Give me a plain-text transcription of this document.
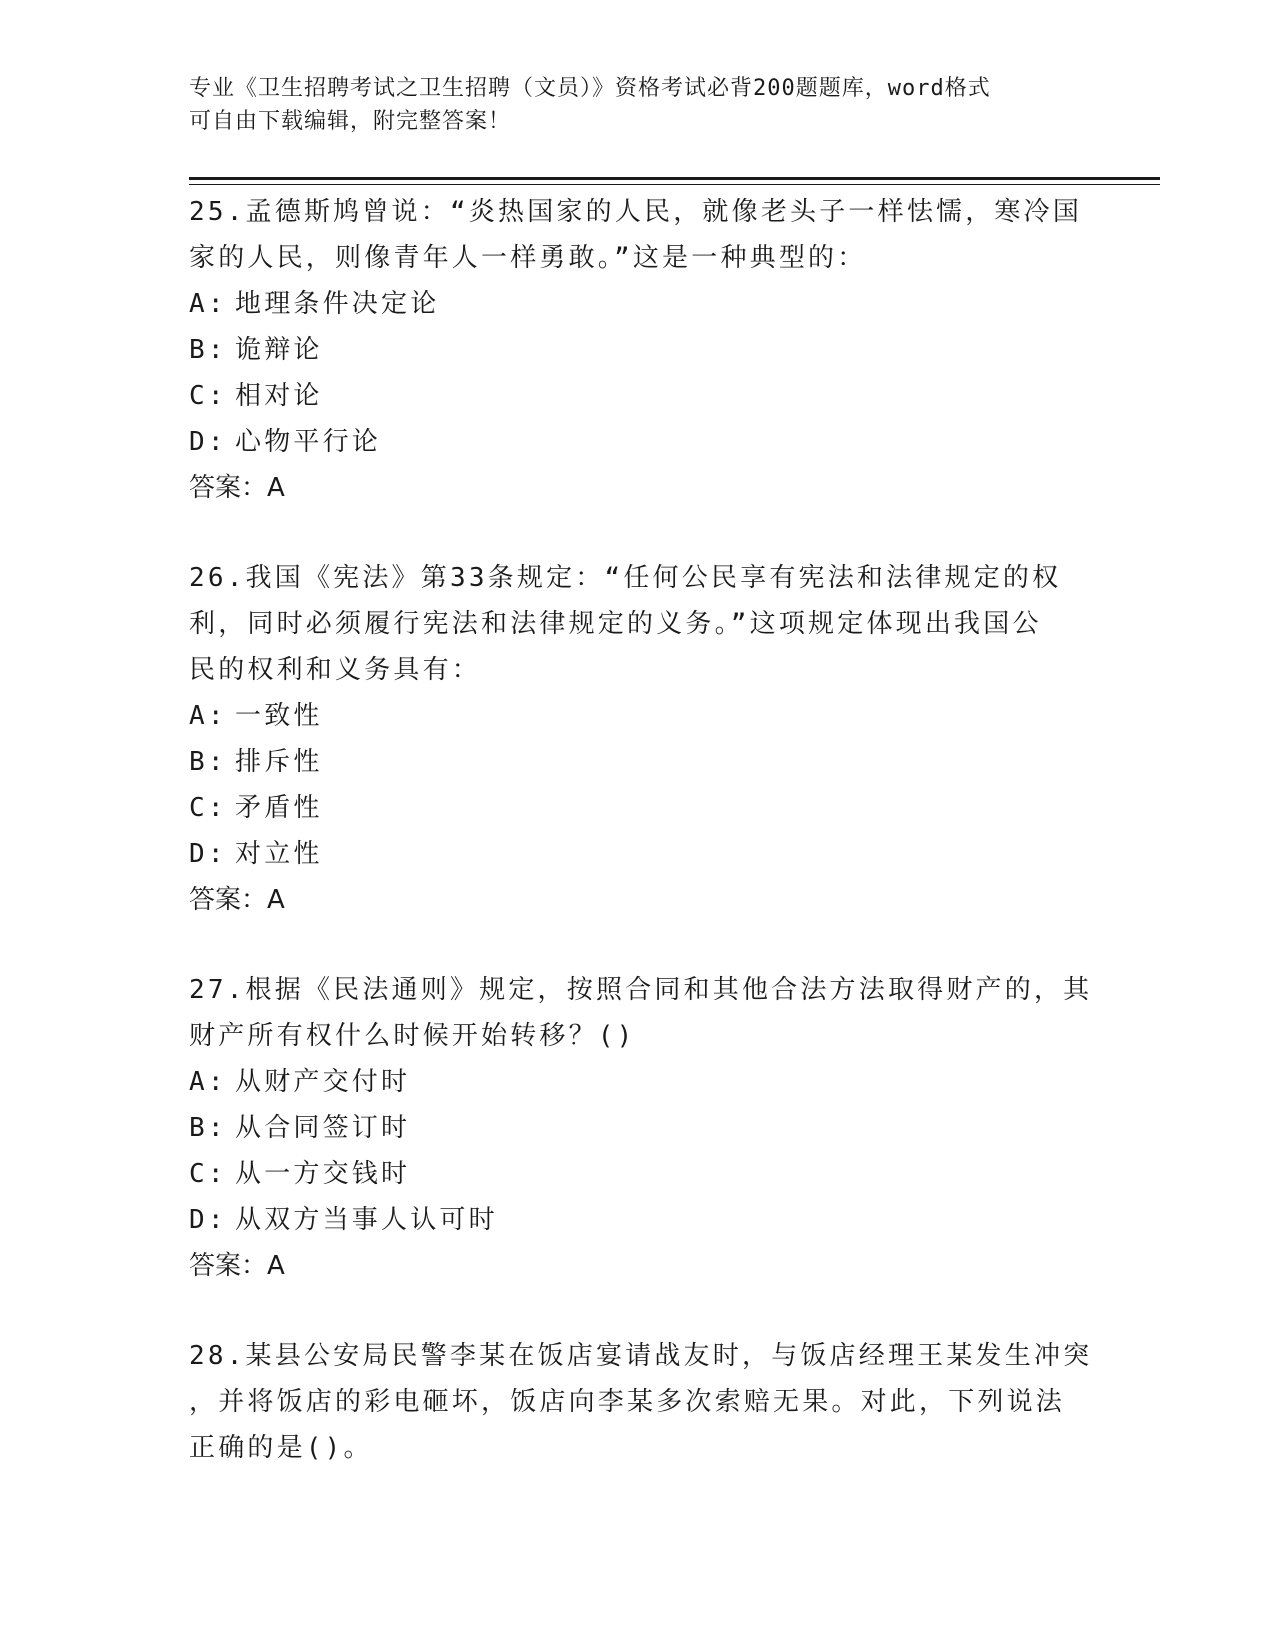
专业《卫生招聘考试之卫生招聘（文员）》资格考试必背200题题库，word格式
可自由下载编辑，附完整答案！
25.孟德斯鸠曾说：“炎热国家的人民，就像老头子一样怯懦，寒冷国
家的人民，则像青年人一样勇敢。”这是一种典型的：
A: 地理条件决定论
B: 诡辩论
C: 相对论
D: 心物平行论
答案：A
26.我国《宪法》第33条规定：“任何公民享有宪法和法律规定的权
利，同时必须履行宪法和法律规定的义务。”这项规定体现出我国公
民的权利和义务具有：
A: 一致性
B: 排斥性
C: 矛盾性
D: 对立性
答案：A
27.根据《民法通则》规定，按照合同和其他合法方法取得财产的，其
财产所有权什么时候开始转移？()
A: 从财产交付时
B: 从合同签订时
C: 从一方交钱时
D: 从双方当事人认可时
答案：A
28.某县公安局民警李某在饭店宴请战友时，与饭店经理王某发生冲突
，并将饭店的彩电砸坏，饭店向李某多次索赔无果。对此，下列说法
正确的是()。
